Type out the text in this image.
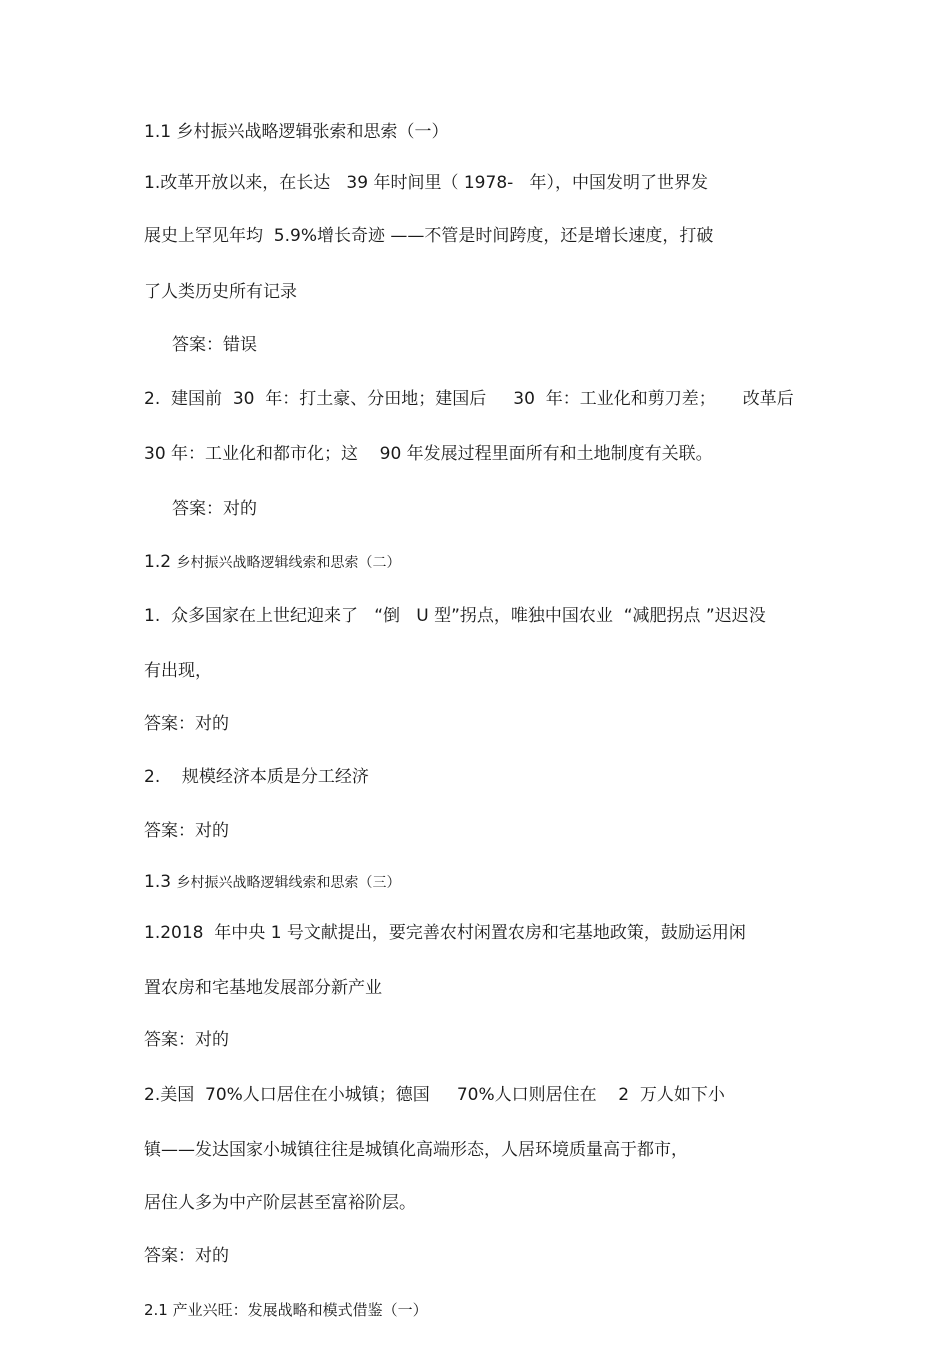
1.1 乡村振兴战略逻辑张索和思索（一）
1.改革开放以来，在长达   39 年时间里（ 1978-   年），中国发明了世界发
展史上罕见年均  5.9%增长奇迹 ——不管是时间跨度，还是增长速度，打破
了人类历史所有记录
答案：错误
2.  建国前  30  年：打土豪、分田地；建国后     30  年：工业化和剪刀差；     改革后
30 年：工业化和都市化；这    90 年发展过程里面所有和土地制度有关联。
答案：对的
1.2 乡村振兴战略逻辑线索和思索（二）
1.  众多国家在上世纪迎来了   “倒   U 型”拐点，唯独中国农业  “减肥拐点 ”迟迟没
有出现，
答案：对的
2.    规模经济本质是分工经济
答案：对的
1.3 乡村振兴战略逻辑线索和思索（三）
1.2018  年中央 1 号文献提出，要完善农村闲置农房和宅基地政策，鼓励运用闲
置农房和宅基地发展部分新产业
答案：对的
2.美国  70%人口居住在小城镇；德国     70%人口则居住在    2  万人如下小
镇——发达国家小城镇往往是城镇化高端形态，人居环境质量高于都市，
居住人多为中产阶层甚至富裕阶层。
答案：对的
2.1 产业兴旺：发展战略和模式借鉴（一）
